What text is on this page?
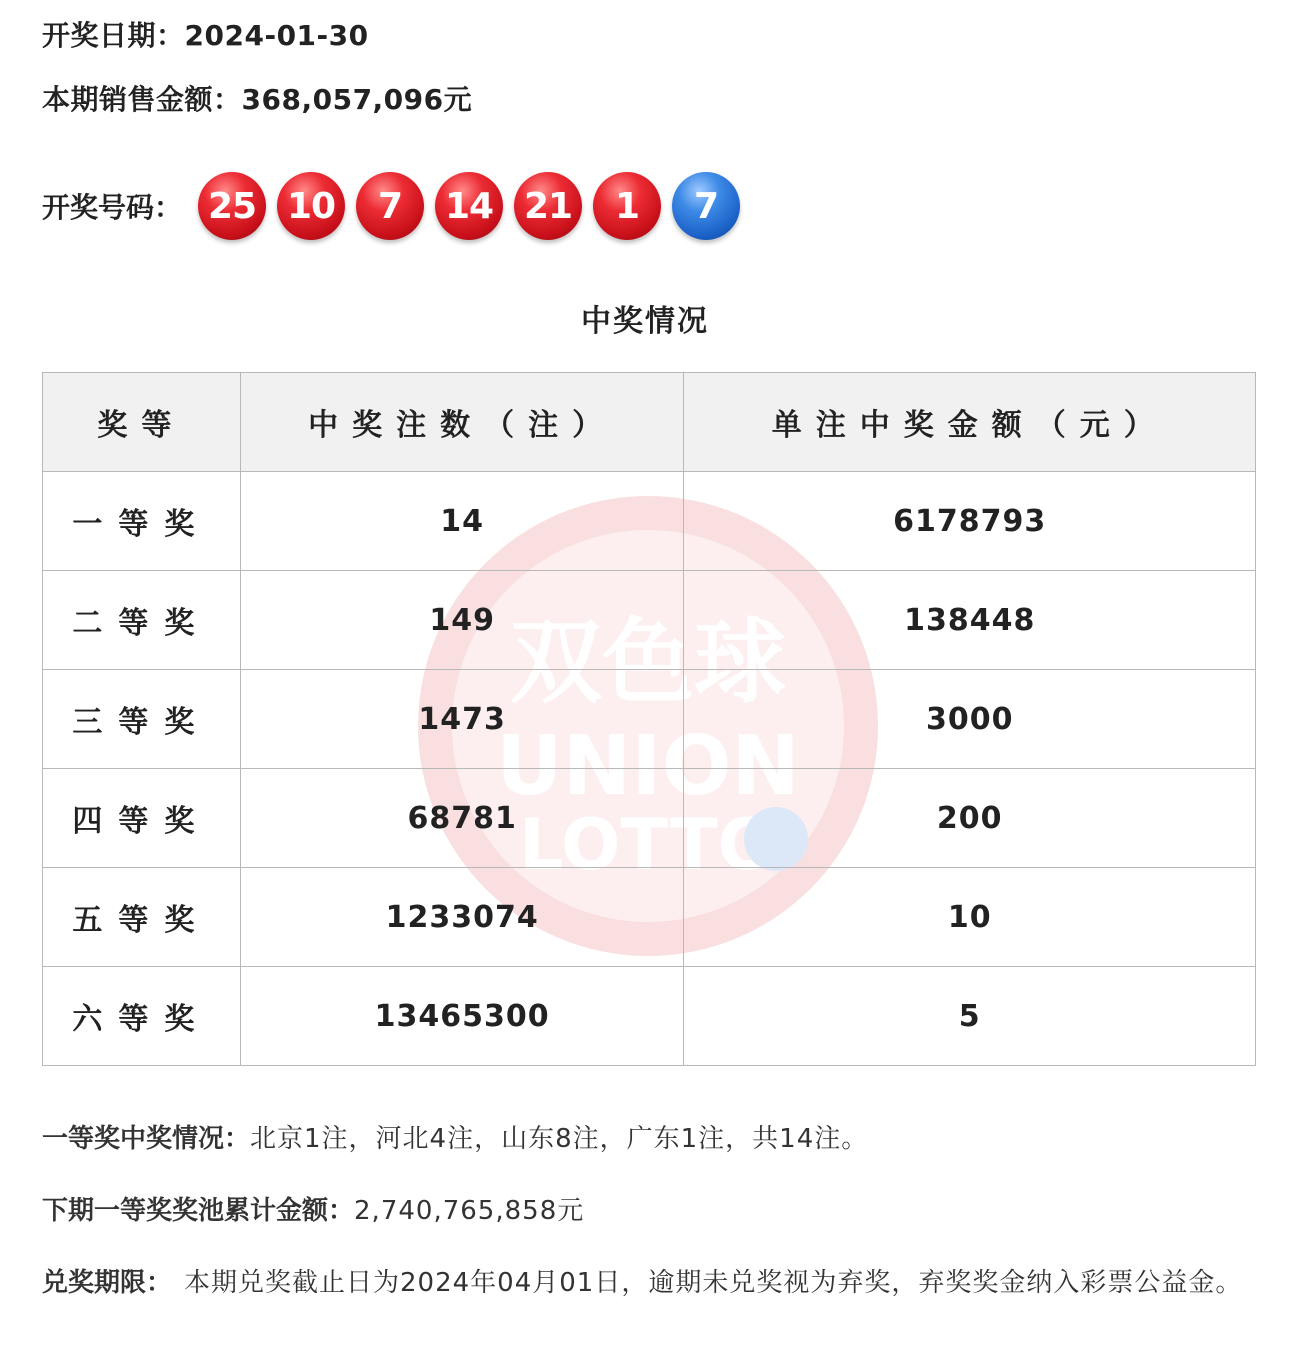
开奖日期：2024-01-30
本期销售金额：368,057,096元
开奖号码： 25 10	7	14 21	1	7
中奖情况
双色球
UNION
LOTTO
奖等	中奖注数（注）	单注中奖金额（元）
一等奖	14	6178793
二等奖	149	138448
三等奖	1473	3000
四等奖	68781	200
五等奖	1233074	10
六等奖	13465300	5
一等奖中奖情况：北京1注，河北4注，山东8注，广东1注，共14注。
下期一等奖奖池累计金额：2,740,765,858元
兑奖期限： 本期兑奖截止日为2024年04月01日，逾期未兑奖视为弃奖，弃奖奖金纳入彩票公益金。
